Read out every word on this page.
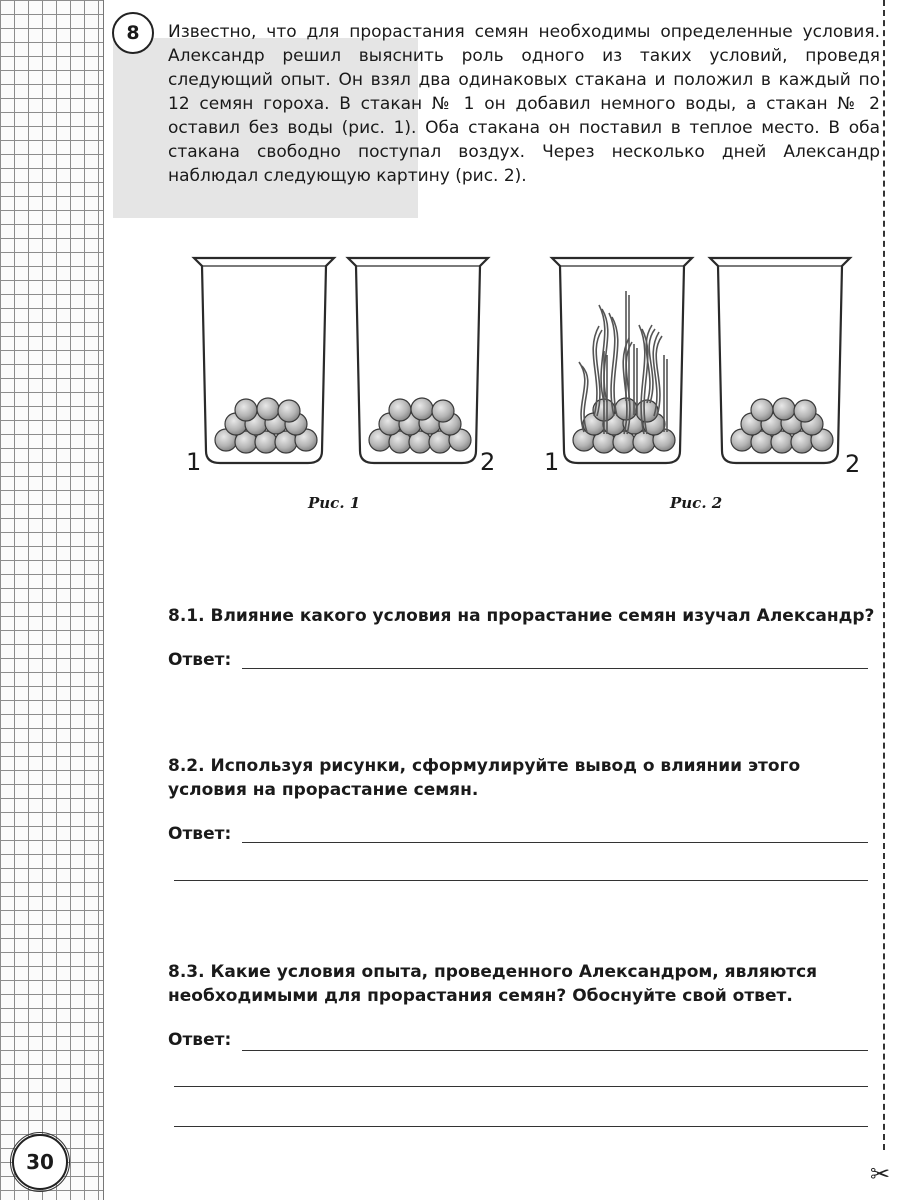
30	✂
8	Известно, что для прорастания семян необходимы определенные условия. Александр решил выяснить роль одного из таких условий, проведя следующий опыт. Он взял два одинаковых стакана и положил в каждый по 12 семян гороха. В стакан № 1 он добавил немного воды, а стакан № 2 оставил без воды (рис. 1). Оба стакана он поставил в теплое место. В оба стакана свободно поступал воздух. Через несколько дней Александр наблюдал следующую картину (рис. 2).

Рис. 1	Рис. 2
1	2 1	2

8.1. Влияние какого условия на прорастание семян изучал Александр?

Ответ:

8.2. Используя рисунки, сформулируйте вывод о влиянии этого условия на прорастание семян.

Ответ:

8.3. Какие условия опыта, проведенного Александром, являются необходимыми для прорастания семян? Обоснуйте свой ответ.

Ответ:
